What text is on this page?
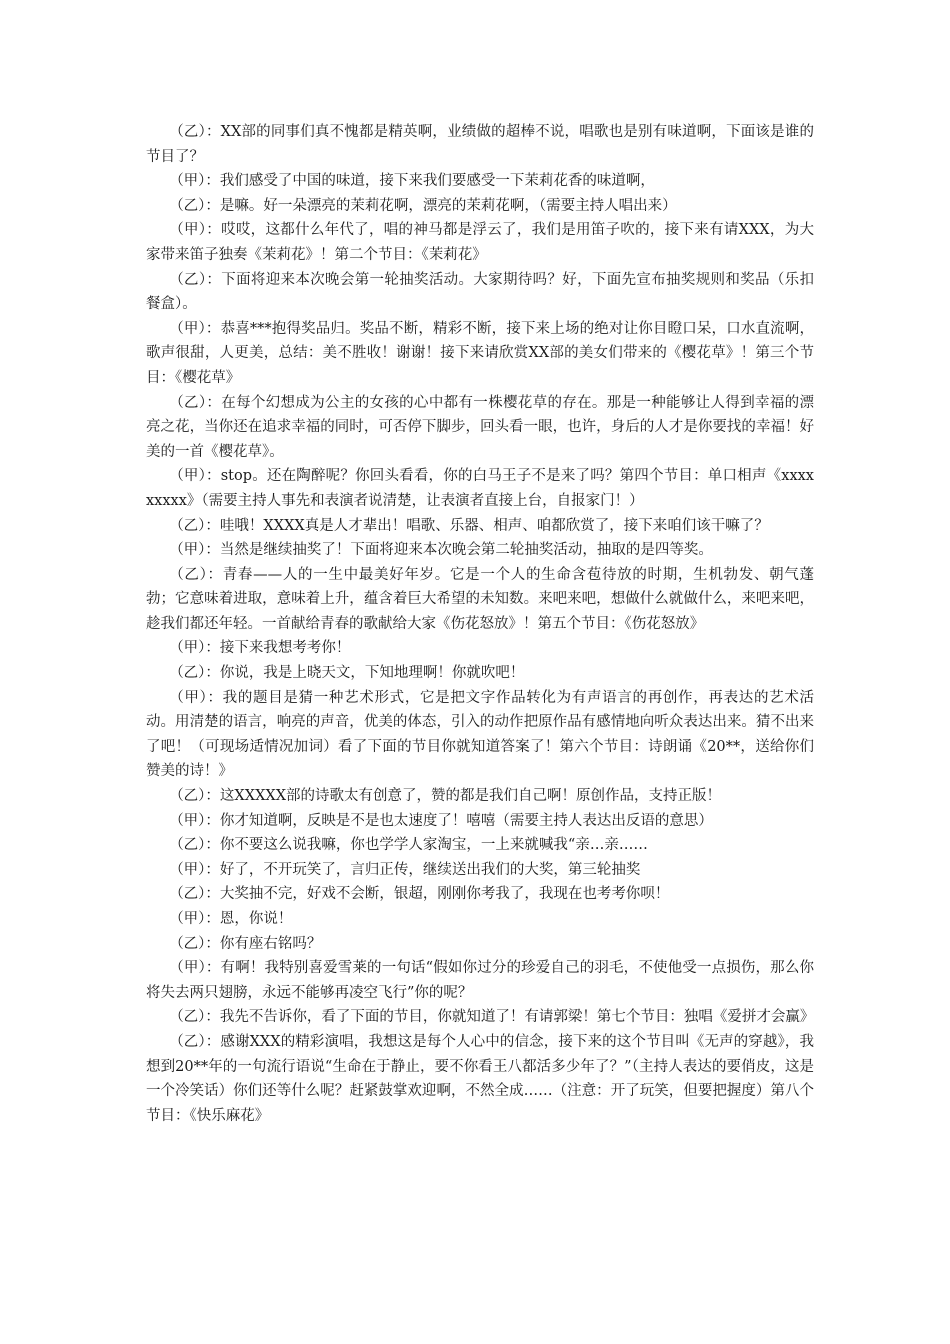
（乙）：XX部的同事们真不愧都是精英啊，业绩做的超棒不说，唱歌也是别有味道啊，下面该是谁的节目了？

（甲）：我们感受了中国的味道，接下来我们要感受一下茉莉花香的味道啊，

（乙）：是嘛。好一朵漂亮的茉莉花啊，漂亮的茉莉花啊，（需要主持人唱出来）

（甲）：哎哎，这都什么年代了，唱的神马都是浮云了，我们是用笛子吹的，接下来有请XXX，为大家带来笛子独奏《茉莉花》！第二个节目：《茉莉花》

（乙）：下面将迎来本次晚会第一轮抽奖活动。大家期待吗？好，下面先宣布抽奖规则和奖品（乐扣餐盒）。

（甲）：恭喜***抱得奖品归。奖品不断，精彩不断，接下来上场的绝对让你目瞪口呆，口水直流啊，歌声很甜，人更美，总结：美不胜收！谢谢！接下来请欣赏XX部的美女们带来的《樱花草》！第三个节目：《樱花草》

（乙）：在每个幻想成为公主的女孩的心中都有一株樱花草的存在。那是一种能够让人得到幸福的漂亮之花，当你还在追求幸福的同时，可否停下脚步，回头看一眼，也许，身后的人才是你要找的幸福！好美的一首《樱花草》。

（甲）：stop。还在陶醉呢？你回头看看，你的白马王子不是来了吗？第四个节目：单口相声《xxxxxxxxx》（需要主持人事先和表演者说清楚，让表演者直接上台，自报家门！）

（乙）：哇哦！XXXX真是人才辈出！唱歌、乐器、相声、咱都欣赏了，接下来咱们该干嘛了？

（甲）：当然是继续抽奖了！下面将迎来本次晚会第二轮抽奖活动，抽取的是四等奖。

（乙）：青春——人的一生中最美好年岁。它是一个人的生命含苞待放的时期，生机勃发、朝气蓬勃；它意味着进取，意味着上升，蕴含着巨大希望的未知数。来吧来吧，想做什么就做什么，来吧来吧，趁我们都还年轻。一首献给青春的歌献给大家《伤花怒放》！第五个节目：《伤花怒放》

（甲）：接下来我想考考你！

（乙）：你说，我是上晓天文，下知地理啊！你就吹吧！

（甲）：我的题目是猜一种艺术形式，它是把文字作品转化为有声语言的再创作，再表达的艺术活动。用清楚的语言，响亮的声音，优美的体态，引入的动作把原作品有感情地向听众表达出来。猜不出来了吧！（可现场适情况加词）看了下面的节目你就知道答案了！第六个节目：诗朗诵《20**，送给你们赞美的诗！》

（乙）：这XXXXX部的诗歌太有创意了，赞的都是我们自己啊！原创作品，支持正版！

（甲）：你才知道啊，反映是不是也太速度了！嘻嘻（需要主持人表达出反语的意思）

（乙）：你不要这么说我嘛，你也学学人家淘宝，一上来就喊我“亲…亲……

（甲）：好了，不开玩笑了，言归正传，继续送出我们的大奖，第三轮抽奖

（乙）：大奖抽不完，好戏不会断，银超，刚刚你考我了，我现在也考考你呗！

（甲）：恩，你说！

（乙）：你有座右铭吗？

（甲）：有啊！我特别喜爱雪莱的一句话“假如你过分的珍爱自己的羽毛，不使他受一点损伤，那么你将失去两只翅膀，永远不能够再凌空飞行”你的呢？

（乙）：我先不告诉你，看了下面的节目，你就知道了！有请郭梁！第七个节目：独唱《爱拼才会赢》

（乙）：感谢XXX的精彩演唱，我想这是每个人心中的信念，接下来的这个节目叫《无声的穿越》，我想到20**年的一句流行语说“生命在于静止，要不你看王八都活多少年了？”（主持人表达的要俏皮，这是一个冷笑话）你们还等什么呢？赶紧鼓掌欢迎啊，不然全成……（注意：开了玩笑，但要把握度）第八个节目：《快乐麻花》
